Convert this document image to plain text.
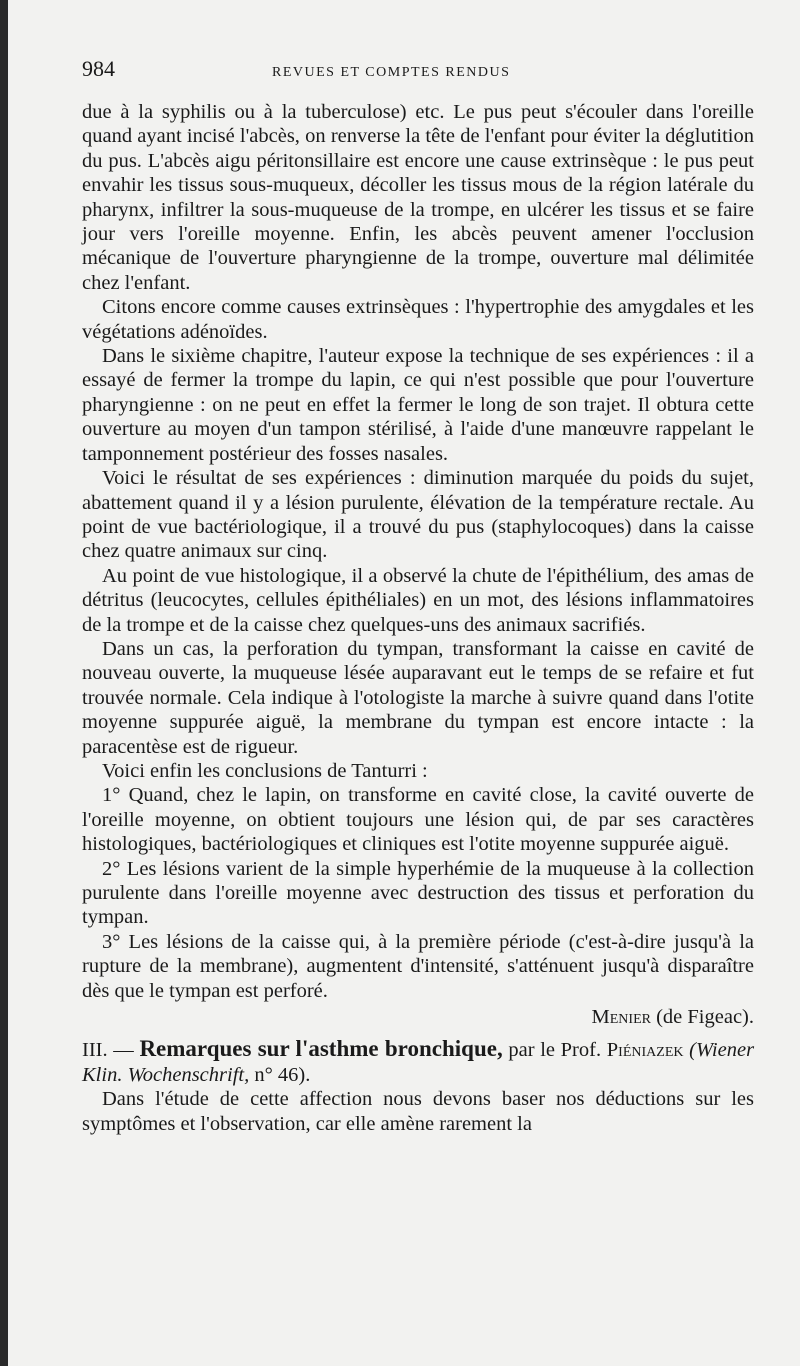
984	REVUES ET COMPTES RENDUS

due à la syphilis ou à la tuberculose) etc. Le pus peut s'écouler dans l'oreille quand ayant incisé l'abcès, on renverse la tête de l'enfant pour éviter la déglutition du pus. L'abcès aigu péritonsillaire est encore une cause extrinsèque : le pus peut envahir les tissus sous-muqueux, décoller les tissus mous de la région latérale du pharynx, infiltrer la sous-muqueuse de la trompe, en ulcérer les tissus et se faire jour vers l'oreille moyenne. Enfin, les abcès peuvent amener l'occlusion mécanique de l'ouverture pharyngienne de la trompe, ouverture mal délimitée chez l'enfant.

Citons encore comme causes extrinsèques : l'hypertrophie des amygdales et les végétations adénoïdes.

Dans le sixième chapitre, l'auteur expose la technique de ses expériences : il a essayé de fermer la trompe du lapin, ce qui n'est possible que pour l'ouverture pharyngienne : on ne peut en effet la fermer le long de son trajet. Il obtura cette ouverture au moyen d'un tampon stérilisé, à l'aide d'une manœuvre rappelant le tamponnement postérieur des fosses nasales.

Voici le résultat de ses expériences : diminution marquée du poids du sujet, abattement quand il y a lésion purulente, élévation de la température rectale. Au point de vue bactériologique, il a trouvé du pus (staphylocoques) dans la caisse chez quatre animaux sur cinq.

Au point de vue histologique, il a observé la chute de l'épithélium, des amas de détritus (leucocytes, cellules épithéliales) en un mot, des lésions inflammatoires de la trompe et de la caisse chez quelques-uns des animaux sacrifiés.

Dans un cas, la perforation du tympan, transformant la caisse en cavité de nouveau ouverte, la muqueuse lésée auparavant eut le temps de se refaire et fut trouvée normale. Cela indique à l'otologiste la marche à suivre quand dans l'otite moyenne suppurée aiguë, la membrane du tympan est encore intacte : la paracentèse est de rigueur.

Voici enfin les conclusions de Tanturri :

1° Quand, chez le lapin, on transforme en cavité close, la cavité ouverte de l'oreille moyenne, on obtient toujours une lésion qui, de par ses caractères histologiques, bactériologiques et cliniques est l'otite moyenne suppurée aiguë.

2° Les lésions varient de la simple hyperhémie de la muqueuse à la collection purulente dans l'oreille moyenne avec destruction des tissus et perforation du tympan.

3° Les lésions de la caisse qui, à la première période (c'est-à-dire jusqu'à la rupture de la membrane), augmentent d'intensité, s'atténuent jusqu'à disparaître dès que le tympan est perforé.

Menier (de Figeac).

III. — Remarques sur l'asthme bronchique, par le Prof. Piéniazek (Wiener Klin. Wochenschrift, n° 46).

Dans l'étude de cette affection nous devons baser nos déductions sur les symptômes et l'observation, car elle amène rarement la
